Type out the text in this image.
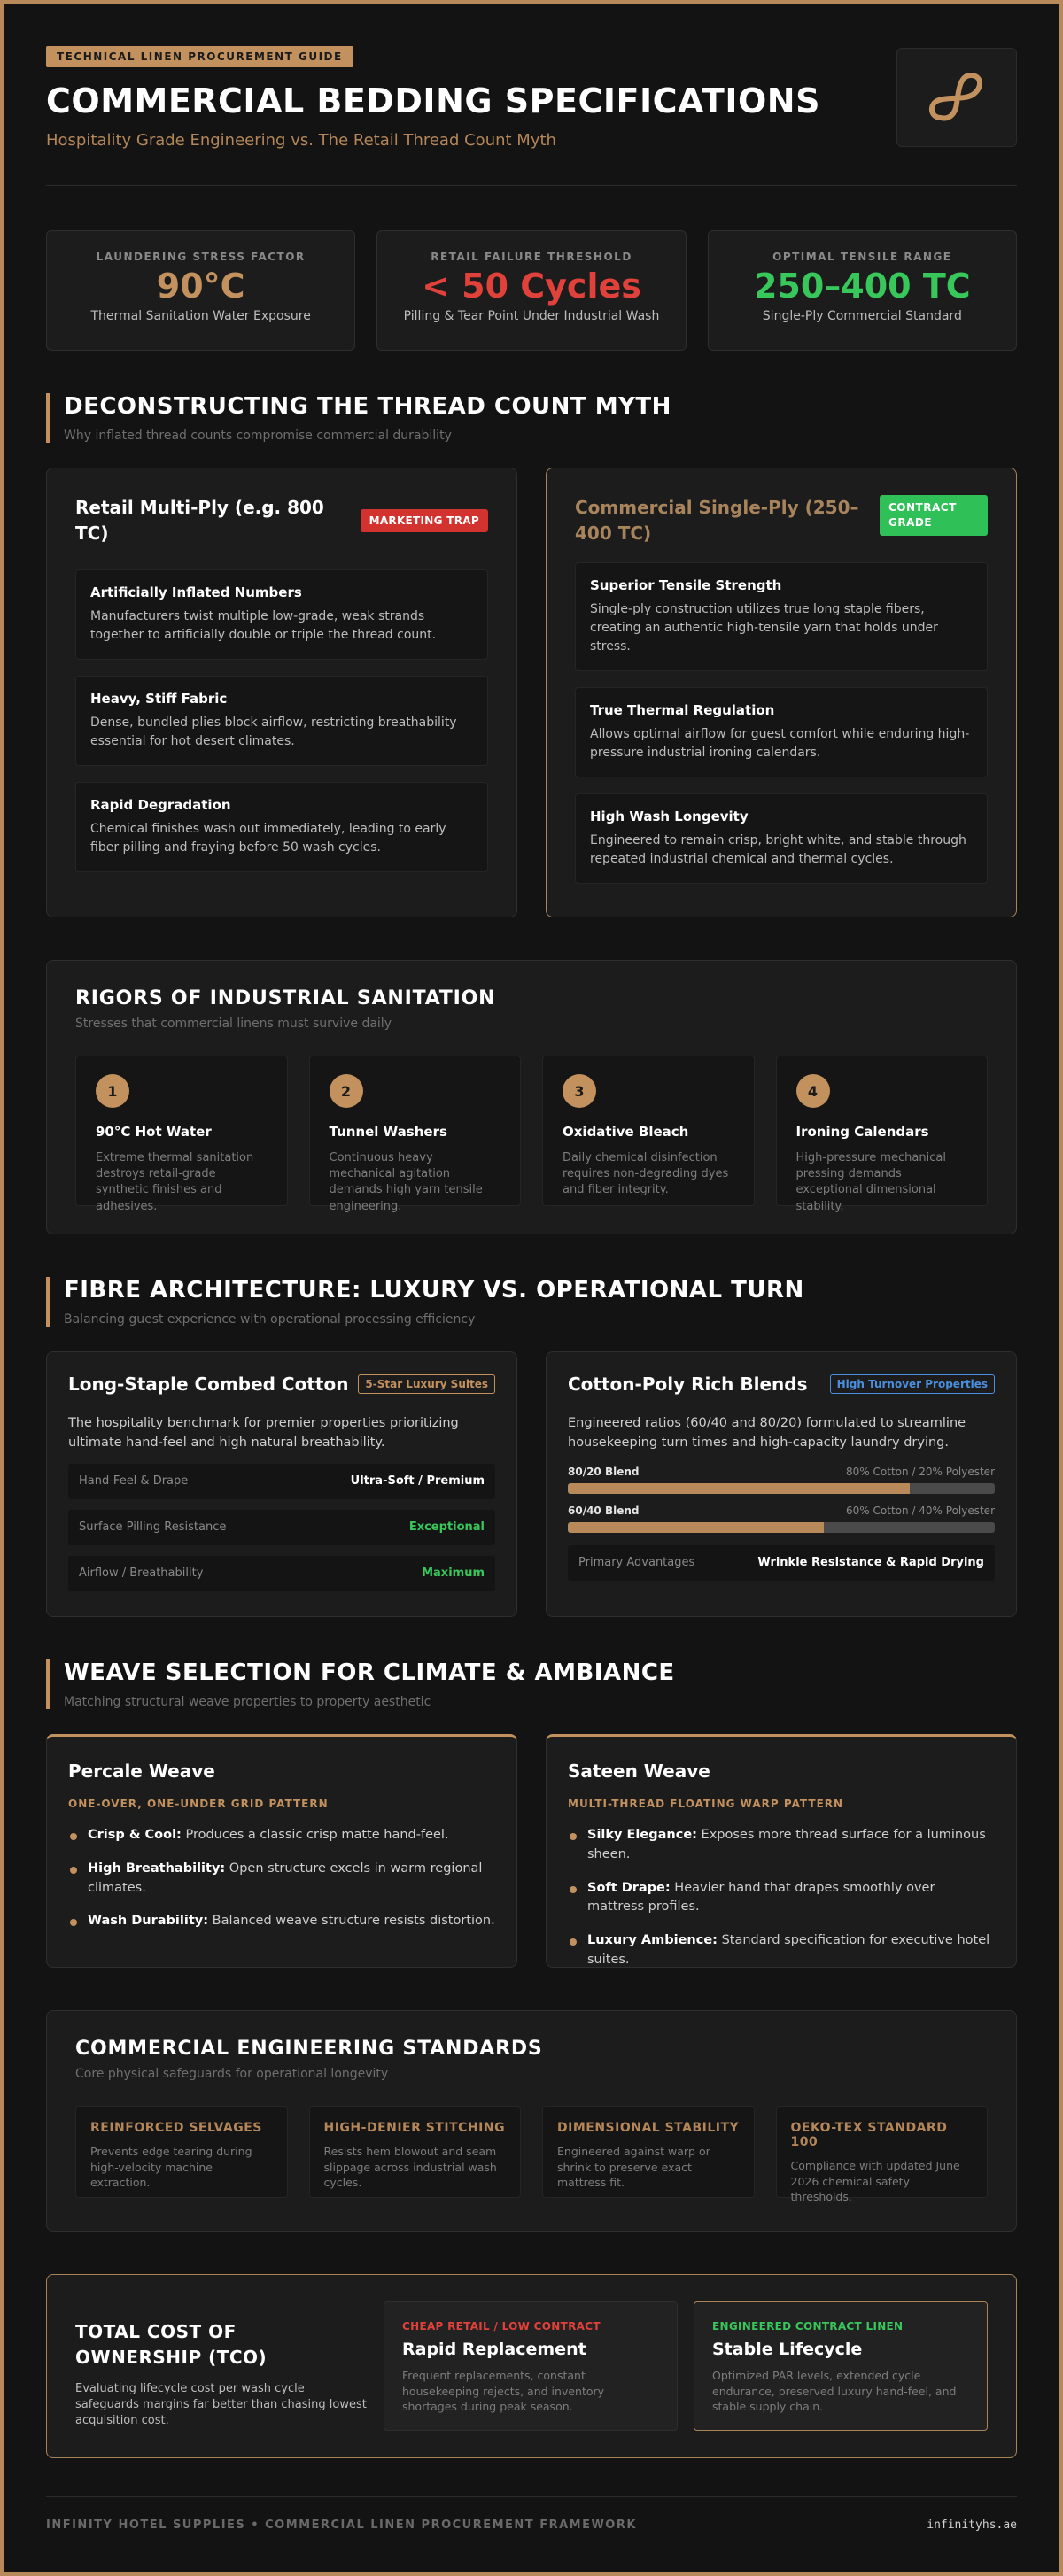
TECHNICAL LINEN PROCUREMENT GUIDE
COMMERCIAL BEDDING SPECIFICATIONS
Hospitality Grade Engineering vs. The Retail Thread Count Myth
LAUNDERING STRESS FACTOR
90°C
Thermal Sanitation Water Exposure
RETAIL FAILURE THRESHOLD
< 50 Cycles
Pilling & Tear Point Under Industrial Wash
OPTIMAL TENSILE RANGE
250–400 TC
Single-Ply Commercial Standard
DECONSTRUCTING THE THREAD COUNT MYTH
Why inflated thread counts compromise commercial durability
Retail Multi-Ply (e.g. 800 TC)
MARKETING TRAP
Artificially Inflated Numbers
Manufacturers twist multiple low-grade, weak strands together to artificially double or triple the thread count.
Heavy, Stiff Fabric
Dense, bundled plies block airflow, restricting breathability essential for hot desert climates.
Rapid Degradation
Chemical finishes wash out immediately, leading to early fiber pilling and fraying before 50 wash cycles.
Commercial Single-Ply (250–400 TC)
CONTRACT GRADE
Superior Tensile Strength
Single-ply construction utilizes true long staple fibers, creating an authentic high-tensile yarn that holds under stress.
True Thermal Regulation
Allows optimal airflow for guest comfort while enduring high-pressure industrial ironing calendars.
High Wash Longevity
Engineered to remain crisp, bright white, and stable through repeated industrial chemical and thermal cycles.
RIGORS OF INDUSTRIAL SANITATION
Stresses that commercial linens must survive daily
1
90°C Hot Water
Extreme thermal sanitation destroys retail-grade synthetic finishes and adhesives.
2
Tunnel Washers
Continuous heavy mechanical agitation demands high yarn tensile engineering.
3
Oxidative Bleach
Daily chemical disinfection requires non-degrading dyes and fiber integrity.
4
Ironing Calendars
High-pressure mechanical pressing demands exceptional dimensional stability.
FIBRE ARCHITECTURE: LUXURY VS. OPERATIONAL TURN
Balancing guest experience with operational processing efficiency
Long-Staple Combed Cotton	5-Star Luxury Suites
The hospitality benchmark for premier properties prioritizing ultimate hand-feel and high natural breathability.
Hand-Feel & Drape	Ultra-Soft / Premium
Surface Pilling Resistance	Exceptional
Airflow / Breathability	Maximum
Cotton-Poly Rich Blends	High Turnover Properties
Engineered ratios (60/40 and 80/20) formulated to streamline housekeeping turn times and high-capacity laundry drying.
80/20 Blend	80% Cotton / 20% Polyester
60/40 Blend	60% Cotton / 40% Polyester
Primary Advantages	Wrinkle Resistance & Rapid Drying
WEAVE SELECTION FOR CLIMATE & AMBIANCE
Matching structural weave properties to property aesthetic
Percale Weave
ONE-OVER, ONE-UNDER GRID PATTERN
Crisp & Cool: Produces a classic crisp matte hand-feel.
High Breathability: Open structure excels in warm regional climates.
Wash Durability: Balanced weave structure resists distortion.
Sateen Weave
MULTI-THREAD FLOATING WARP PATTERN
Silky Elegance: Exposes more thread surface for a luminous sheen.
Soft Drape: Heavier hand that drapes smoothly over mattress profiles.
Luxury Ambience: Standard specification for executive hotel suites.
COMMERCIAL ENGINEERING STANDARDS
Core physical safeguards for operational longevity
REINFORCED SELVAGES
Prevents edge tearing during high-velocity machine extraction.
HIGH-DENIER STITCHING
Resists hem blowout and seam slippage across industrial wash cycles.
DIMENSIONAL STABILITY
Engineered against warp or shrink to preserve exact mattress fit.
OEKO-TEX STANDARD 100
Compliance with updated June 2026 chemical safety thresholds.
TOTAL COST OF OWNERSHIP (TCO)
Evaluating lifecycle cost per wash cycle safeguards margins far better than chasing lowest acquisition cost.
CHEAP RETAIL / LOW CONTRACT
Rapid Replacement
Frequent replacements, constant housekeeping rejects, and inventory shortages during peak season.
ENGINEERED CONTRACT LINEN
Stable Lifecycle
Optimized PAR levels, extended cycle endurance, preserved luxury hand-feel, and stable supply chain.
INFINITY HOTEL SUPPLIES • COMMERCIAL LINEN PROCUREMENT FRAMEWORK	infinityhs.ae
